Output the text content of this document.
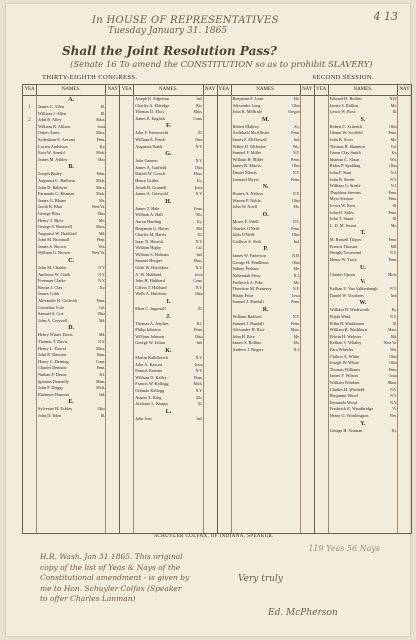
4 13
In HOUSE OF REPRESENTATIVES
Tuesday January 31. 1865
Shall the Joint Resolution Pass?
(Senate 16 To amend the CONSTITUTION so as to prohibit SLAVERY)
THIRTY-EIGHTH CONGRESS.	SECOND SESSION.
YEA	NAMES.	NAY
A.
1	James C. Allen	Ill.
William J. Allen	Ill.
2	John B. Alley	Mass.
William B. Allison	Iowa
Oakes Ames	Mass.
Sydenham E. Ancona	Penn.
Lucien Anderson	Ky.
Ezra W. Arnold	Mich.
James M. Ashley	Ohio
B.
Joseph Bailey	Penn.
Augustus C. Baldwin	Mich.
John D. Baldwin	Mass.
Fernando C. Beaman	Mich.
James G. Blaine	Me.
Jacob B. Blair	West Va.
George Bliss	Ohio
Henry T. Blow	Mo.
George S. Boutwell	Mass.
Augustus W. Bradford	Md.
John M. Broomall	Penn.
James S. Brown	Wis.
William G. Brown	West Va.
C.
John M. Chanler	N.Y.
Ambrose W. Clark	N.Y.
Freeman Clarke	N.Y.
Brutus J. Clay	Ky.
James Cobb
Alexander H. Coffroth	Penn.
Cornelius Cole	Cal.
Samuel S. Cox	Ohio
John A. Creswell	Md.
D.
Henry Winter Davis	Md.
Thomas T. Davis	N.Y.
Henry L. Dawes	Mass.
John R. Dawson	Penn.
Henry C. Deming	Conn.
Charles Denison	Penn.
Nathan F. Dixon	R.I.
Ignatius Donnelly	Minn.
John F. Driggs	Mich.
Ebenezer Dumont	Ind.
E.
Sylvester H. Eckley	Ohio
John D. Eden	Ill.
YEA	NAMES.	NAY
Joseph K. Edgerton	Ind.
Charles A. Eldridge	Wis.
Thomas D. Eliot	Mass.
James E. English	Conn.
F.
John F. Farnsworth	Ill.
William E. Finck	Ohio
Augustus Frank	N.Y.
G.
John Ganson	N.Y.
James A. Garfield	Ohio
Daniel W. Gooch	Mass.
Henry Grider	Ky.
Josiah B. Grinnell	Iowa
James A. Griswold	N.Y.
H.
James T. Hale	Penn.
William A. Hall	Mo.
Aaron Harding	Ky.
Benjamin G. Harris	Md.
Charles M. Harris	Ill.
Isaac N. Herrick	N.Y.
William Higby	Cal.
William S. Holman	Ind.
Samuel Hooper	Mass.
Giles W. Hotchkiss	N.Y.
A. W. Hubbard	Iowa
John H. Hubbard	Conn.
Calvin T. Hulburd	N.Y.
Wells A. Hutchins	Ohio
I.
Ebon C. Ingersoll	Ill.
J.
Thomas A. Jenckes	R.I.
Philip Johnson	Penn.
William Johnson	Ohio
George W. Julian	Ind.
K.
Martin Kalbfleisch	N.Y.
John A. Kasson	Iowa
Francis Kernan	N.Y.
William D. Kelley	Penn.
Francis W. Kellogg	Mich.
Orlando Kellogg	N.Y.
Austin A. King	Mo.
Anthony L. Knapp	Ill.
L.
John Law	Ind.
YEA	NAMES.	NAY
Benjamin F. Loan	Mo.
Alexander Long	Ohio
John R. McBride	Oregon
M.
Robert Mallory	Ky.
Archibald McAllister	Penn.
James F. McDowell	Ind.
Walter D. McIndoe	Wis.
Samuel F. Miller	N.Y.
William H. Miller	Penn.
James R. Morris	Ohio
Daniel Morris	N.Y.
Leonard Myers	Penn.
N.
Homer A. Nelson	N.Y.
Warren P. Noble	Ohio
John W. Noell	Mo.
O.
Moses F. Odell	N.Y.
Charles O'Neill	Penn.
John O'Neill	Ohio
Godlove S. Orth	Ind.
P.
James W. Patterson	N.H.
George H. Pendleton	Ohio
Sidney Perham	Me.
Nehemiah Perry	N.J.
Frederick A. Pike	Me.
Theodore M. Pomeroy	N.Y.
Hiram Price	Iowa
Samuel J. Randall	Penn.
R.
William Radford	N.Y.
Samuel J. Randall	Penn.
Alexander H. Rice	Mass.
John H. Rice	Me.
James S. Rollins	Mo.
Andrew J. Rogers	N.J.
YEA	NAMES.	NAY
Edward H. Rollins	N.H.
James S. Rollins	Mo.
Lewis W. Ross	Ill.
S.
Robert C. Schenck	Ohio
Glenni W. Scofield	Penn.
John R. Scott	Mo.
Thomas B. Shannon	Cal.
Green Clay Smith	Ky.
Ithamar C. Sloan	Wis.
Rufus P. Spalding	Ohio
John F. Starr	N.J.
John B. Steele	N.Y.
William G. Steele	N.J.
Thaddeus Stevens	Penn.
Myer Strouse	Penn.
Lewis W. Ross	Ill.
John D. Stiles	Penn.
John T. Stuart	Ill.
L. D. M. Sweat	Me.
T.
M. Russell Thayer	Penn.
Francis Thomas	Md.
Dwight Townsend	N.Y.
Henry W. Tracy	Penn.
U.
Charles Upson	Mich.
V.
Kellian V. Van Valkenburgh	N.Y.
Daniel W. Voorhees	Ind.
W.
William H. Wadsworth	Ky.
Elijah Ward	N.Y.
Elihu B. Washburne	Ill.
William B. Washburn	Mass.
Edwin H. Webster	Md.
Kellian V. Whaley	West Va.
Ezra Wheeler	Wis.
Chilton A. White	Ohio
Joseph W. White	Ohio
Thomas Williams	Penn.
James F. Wilson	Iowa
William Windom	Minn.
Charles H. Winfield	N.Y.
Benjamin Wood	N.Y.
Fernando Wood	N.Y.
Frederick E. Woodbridge	Vt.
Henry G. Worthington	Nev.
Y.
George H. Yeaman	Ky.
SCHUYLER COLFAX, OF INDIANA, SPEAKER.
119 Yeas 56 Nays
H.R. Wash. Jan 31 1865. This original copy of the list of Yeas & Nays of the Constitutional amendment - is given by me to Hon. Schuyler Colfax (Speaker to offer Charles Lanman)
Very truly
Ed. McPherson
